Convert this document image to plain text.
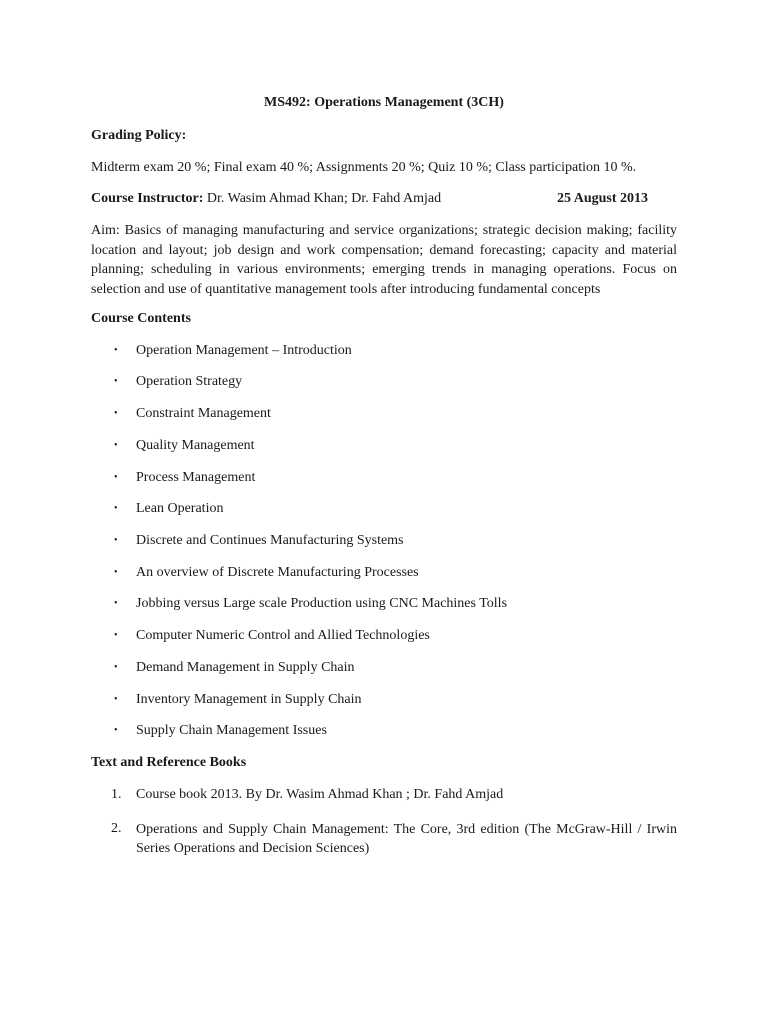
MS492: Operations Management (3CH)
Grading Policy:
Midterm exam 20 %; Final exam 40 %; Assignments 20 %; Quiz 10 %; Class participation 10 %.
Course Instructor: Dr. Wasim Ahmad Khan; Dr. Fahd Amjad	25 August 2013
Aim: Basics of managing manufacturing and service organizations; strategic decision making; facility location and layout; job design and work compensation; demand forecasting; capacity and material planning; scheduling in various environments; emerging trends in managing operations. Focus on selection and use of quantitative management tools after introducing fundamental concepts
Course Contents
• Operation Management – Introduction
• Operation Strategy
• Constraint Management
• Quality Management
• Process Management
• Lean Operation
• Discrete and Continues Manufacturing Systems
• An overview of Discrete Manufacturing Processes
• Jobbing versus Large scale Production using CNC Machines Tolls
• Computer Numeric Control and Allied Technologies
• Demand Management in Supply Chain
• Inventory Management in Supply Chain
• Supply Chain Management Issues
Text and Reference Books
1. Course book 2013. By Dr. Wasim Ahmad Khan ; Dr. Fahd Amjad
2. Operations and Supply Chain Management: The Core, 3rd edition (The McGraw-Hill / Irwin Series Operations and Decision Sciences)
